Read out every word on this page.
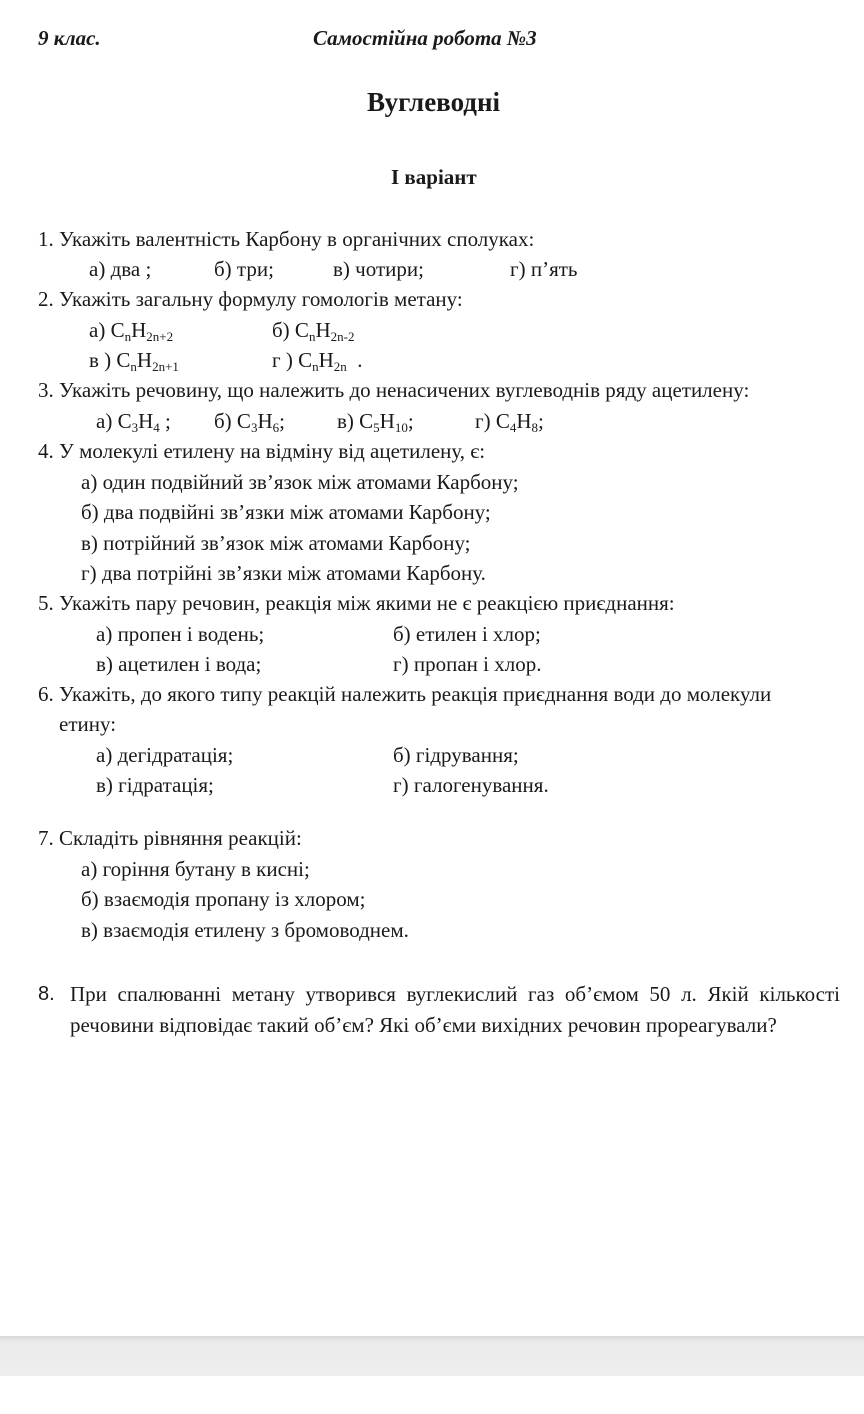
9 клас.	Самостійна робота №3
Вуглеводні
І варіант
1. Укажіть валентність Карбону в органічних сполуках:
а) два ;	б) три;	в) чотири;	г) п’ять
2. Укажіть загальну формулу гомологів метану:
а) $C_nH_{2n+2}$	б) $C_nH_{2n-2}$
в ) $C_nH_{2n+1}$	г ) $C_nH_{2n}$  .
3. Укажіть речовину, що належить до ненасичених вуглеводнів ряду ацетилену:
а) $C_3H_4$ ; б) $C_3H_6$; в) $C_5H_{10}$;	г) $C_4H_8$;
4. У молекулі етилену на відміну від ацетилену, є:
а) один подвійний зв’язок між атомами Карбону;
б) два подвійні зв’язки між атомами Карбону;
в) потрійний зв’язок між атомами Карбону;
г) два потрійні зв’язки між атомами Карбону.
5. Укажіть пару речовин, реакція між якими не є реакцією приєднання:
а) пропен і водень;	б) етилен і хлор;
в) ацетилен і вода;	г) пропан і хлор.
6. Укажіть, до якого типу реакцій належить реакція приєднання води до молекули
етину:
а) дегідратація;	б) гідрування;
в) гідратація;	г) галогенування.
7. Складіть рівняння реакцій:
а) горіння бутану в кисні;
б) взаємодія пропану із хлором;
в) взаємодія етилену з бромоводнем.
8. При спалюванні метану утворився вуглекислий газ об’ємом 50 л. Якій кількості речовини відповідає такий об’єм? Які об’єми вихідних речовин прореагували?
